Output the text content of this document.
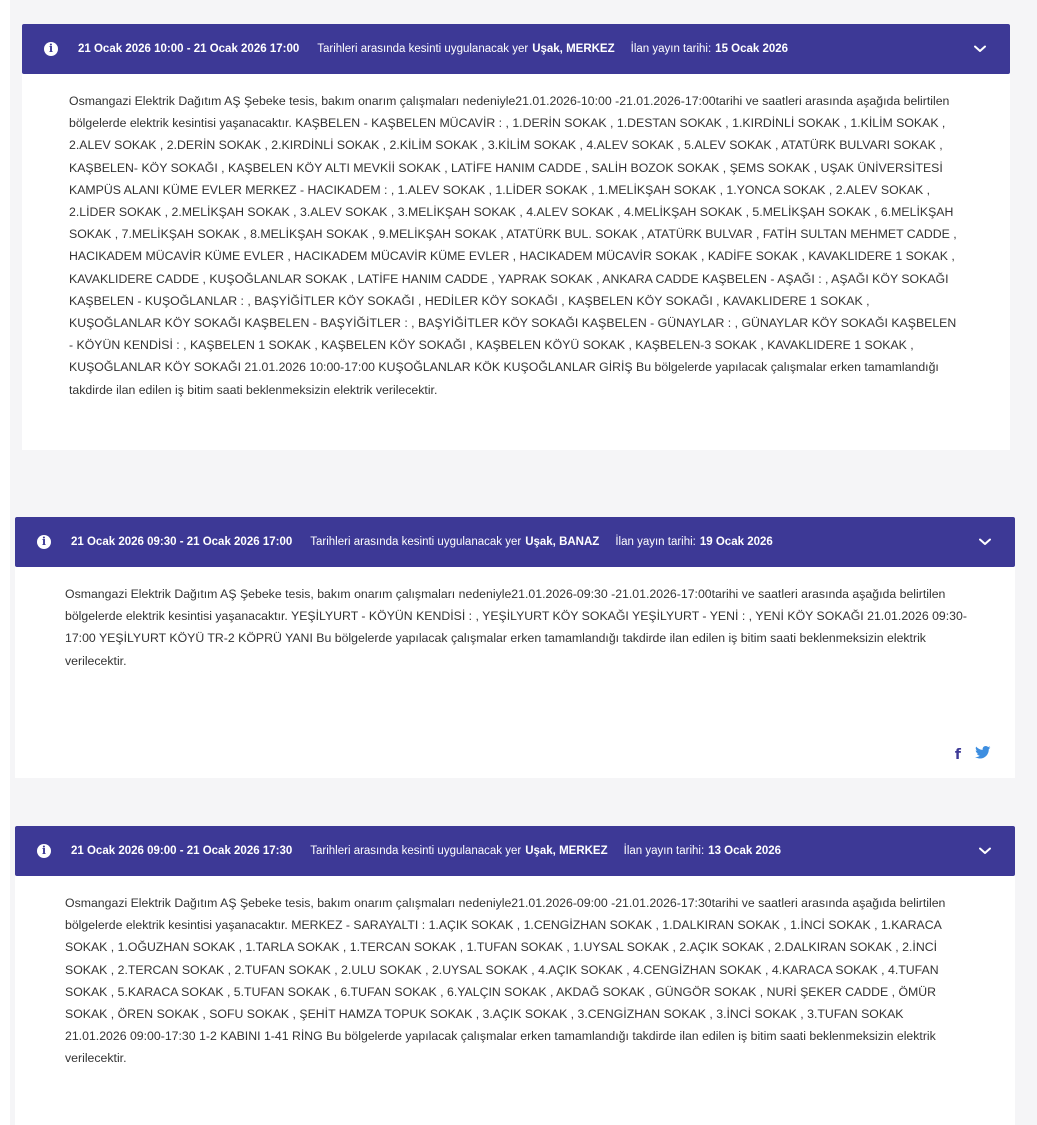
i	21 Ocak 2026 10:00 - 21 Ocak 2026 17:00 Tarihleri arasında kesinti uygulanacak yer Uşak, MERKEZ İlan yayın tarihi: 15 Ocak 2026
Osmangazi Elektrik Dağıtım AŞ Şebeke tesis, bakım onarım çalışmaları nedeniyle21.01.2026-10:00 -21.01.2026-17:00tarihi ve saatleri arasında aşağıda belirtilen bölgelerde elektrik kesintisi yaşanacaktır. KAŞBELEN - KAŞBELEN MÜCAVİR : , 1.DERİN SOKAK , 1.DESTAN SOKAK , 1.KIRDİNLİ SOKAK , 1.KİLİM SOKAK , 2.ALEV SOKAK , 2.DERİN SOKAK , 2.KIRDİNLİ SOKAK , 2.KİLİM SOKAK , 3.KİLİM SOKAK , 4.ALEV SOKAK , 5.ALEV SOKAK , ATATÜRK BULVARI SOKAK , KAŞBELEN- KÖY SOKAĞI , KAŞBELEN KÖY ALTI MEVKİİ SOKAK , LATİFE HANIM CADDE , SALİH BOZOK SOKAK , ŞEMS SOKAK , UŞAK ÜNİVERSİTESİ KAMPÜS ALANI KÜME EVLER MERKEZ - HACIKADEM : , 1.ALEV SOKAK , 1.LİDER SOKAK , 1.MELİKŞAH SOKAK , 1.YONCA SOKAK , 2.ALEV SOKAK , 2.LİDER SOKAK , 2.MELİKŞAH SOKAK , 3.ALEV SOKAK , 3.MELİKŞAH SOKAK , 4.ALEV SOKAK , 4.MELİKŞAH SOKAK , 5.MELİKŞAH SOKAK , 6.MELİKŞAH SOKAK , 7.MELİKŞAH SOKAK , 8.MELİKŞAH SOKAK , 9.MELİKŞAH SOKAK , ATATÜRK BUL. SOKAK , ATATÜRK BULVAR , FATİH SULTAN MEHMET CADDE , HACIKADEM MÜCAVİR KÜME EVLER , HACIKADEM MÜCAVİR KÜME EVLER , HACIKADEM MÜCAVİR SOKAK , KADİFE SOKAK , KAVAKLIDERE 1 SOKAK , KAVAKLIDERE CADDE , KUŞOĞLANLAR SOKAK , LATİFE HANIM CADDE , YAPRAK SOKAK , ANKARA CADDE KAŞBELEN - AŞAĞI : , AŞAĞI KÖY SOKAĞI KAŞBELEN - KUŞOĞLANLAR : , BAŞYİĞİTLER KÖY SOKAĞI , HEDİLER KÖY SOKAĞI , KAŞBELEN KÖY SOKAĞI , KAVAKLIDERE 1 SOKAK , KUŞOĞLANLAR KÖY SOKAĞI KAŞBELEN - BAŞYİĞİTLER : , BAŞYİĞİTLER KÖY SOKAĞI KAŞBELEN - GÜNAYLAR : , GÜNAYLAR KÖY SOKAĞI KAŞBELEN - KÖYÜN KENDİSİ : , KAŞBELEN 1 SOKAK , KAŞBELEN KÖY SOKAĞI , KAŞBELEN KÖYÜ SOKAK , KAŞBELEN-3 SOKAK , KAVAKLIDERE 1 SOKAK , KUŞOĞLANLAR KÖY SOKAĞI 21.01.2026 10:00-17:00 KUŞOĞLANLAR KÖK KUŞOĞLANLAR GİRİŞ Bu bölgelerde yapılacak çalışmalar erken tamamlandığı takdirde ilan edilen iş bitim saati beklenmeksizin elektrik verilecektir.
i	21 Ocak 2026 09:30 - 21 Ocak 2026 17:00 Tarihleri arasında kesinti uygulanacak yer Uşak, BANAZ İlan yayın tarihi: 19 Ocak 2026
Osmangazi Elektrik Dağıtım AŞ Şebeke tesis, bakım onarım çalışmaları nedeniyle21.01.2026-09:30 -21.01.2026-17:00tarihi ve saatleri arasında aşağıda belirtilen bölgelerde elektrik kesintisi yaşanacaktır. YEŞİLYURT - KÖYÜN KENDİSİ : , YEŞİLYURT KÖY SOKAĞI YEŞİLYURT - YENİ : , YENİ KÖY SOKAĞI 21.01.2026 09:30-17:00 YEŞİLYURT KÖYÜ TR-2 KÖPRÜ YANI Bu bölgelerde yapılacak çalışmalar erken tamamlandığı takdirde ilan edilen iş bitim saati beklenmeksizin elektrik verilecektir.
f
i	21 Ocak 2026 09:00 - 21 Ocak 2026 17:30 Tarihleri arasında kesinti uygulanacak yer Uşak, MERKEZ İlan yayın tarihi: 13 Ocak 2026
Osmangazi Elektrik Dağıtım AŞ Şebeke tesis, bakım onarım çalışmaları nedeniyle21.01.2026-09:00 -21.01.2026-17:30tarihi ve saatleri arasında aşağıda belirtilen bölgelerde elektrik kesintisi yaşanacaktır. MERKEZ - SARAYALTI : 1.AÇIK SOKAK , 1.CENGİZHAN SOKAK , 1.DALKIRAN SOKAK , 1.İNCİ SOKAK , 1.KARACA SOKAK , 1.OĞUZHAN SOKAK , 1.TARLA SOKAK , 1.TERCAN SOKAK , 1.TUFAN SOKAK , 1.UYSAL SOKAK , 2.AÇIK SOKAK , 2.DALKIRAN SOKAK , 2.İNCİ SOKAK , 2.TERCAN SOKAK , 2.TUFAN SOKAK , 2.ULU SOKAK , 2.UYSAL SOKAK , 4.AÇIK SOKAK , 4.CENGİZHAN SOKAK , 4.KARACA SOKAK , 4.TUFAN SOKAK , 5.KARACA SOKAK , 5.TUFAN SOKAK , 6.TUFAN SOKAK , 6.YALÇIN SOKAK , AKDAĞ SOKAK , GÜNGÖR SOKAK , NURİ ŞEKER CADDE , ÖMÜR SOKAK , ÖREN SOKAK , SOFU SOKAK , ŞEHİT HAMZA TOPUK SOKAK , 3.AÇIK SOKAK , 3.CENGİZHAN SOKAK , 3.İNCİ SOKAK , 3.TUFAN SOKAK 21.01.2026 09:00-17:30 1-2 KABINI 1-41 RİNG Bu bölgelerde yapılacak çalışmalar erken tamamlandığı takdirde ilan edilen iş bitim saati beklenmeksizin elektrik verilecektir.
